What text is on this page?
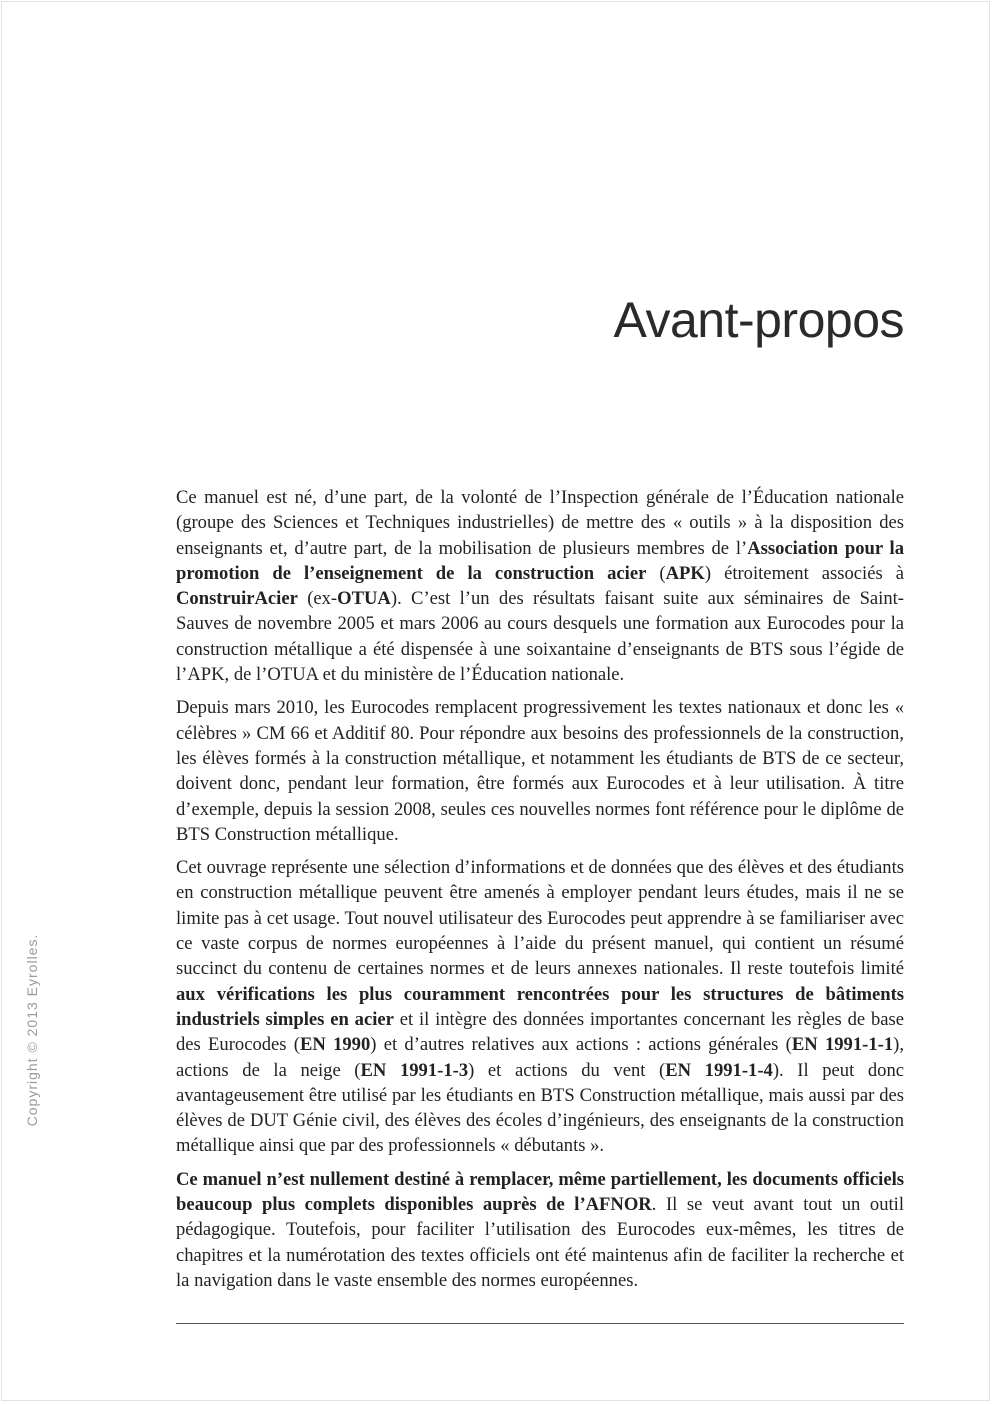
Avant-propos

Ce manuel est né, d’une part, de la volonté de l’Inspection générale de l’Éducation nationale (groupe des Sciences et Techniques industrielles) de mettre des « outils » à la disposition des enseignants et, d’autre part, de la mobilisation de plusieurs membres de l’Association pour la promotion de l’enseignement de la construction acier (APK) étroitement associés à ConstruirAcier (ex-OTUA). C’est l’un des résultats faisant suite aux séminaires de Saint-Sauves de novembre 2005 et mars 2006 au cours desquels une formation aux Eurocodes pour la construction métallique a été dispensée à une soixantaine d’enseignants de BTS sous l’égide de l’APK, de l’OTUA et du ministère de l’Éducation nationale.

Depuis mars 2010, les Eurocodes remplacent progressivement les textes nationaux et donc les « célèbres » CM 66 et Additif 80. Pour répondre aux besoins des professionnels de la construction, les élèves formés à la construction métallique, et notamment les étudiants de BTS de ce secteur, doivent donc, pendant leur formation, être formés aux Eurocodes et à leur utilisation. À titre d’exemple, depuis la session 2008, seules ces nouvelles normes font référence pour le diplôme de BTS Construction métallique.

Cet ouvrage représente une sélection d’informations et de données que des élèves et des étudiants en construction métallique peuvent être amenés à employer pendant leurs études, mais il ne se limite pas à cet usage. Tout nouvel utilisateur des Eurocodes peut apprendre à se familiariser avec ce vaste corpus de normes européennes à l’aide du présent manuel, qui contient un résumé succinct du contenu de certaines normes et de leurs annexes nationales. Il reste toutefois limité aux vérifications les plus couramment rencontrées pour les structures de bâtiments industriels simples en acier et il intègre des données importantes concernant les règles de base des Eurocodes (EN 1990) et d’autres relatives aux actions : actions générales (EN 1991-1-1), actions de la neige (EN 1991-1-3) et actions du vent (EN 1991-1-4). Il peut donc avantageusement être utilisé par les étudiants en BTS Construction métallique, mais aussi par des élèves de DUT Génie civil, des élèves des écoles d’ingénieurs, des enseignants de la construction métallique ainsi que par des professionnels « débutants ».

Ce manuel n’est nullement destiné à remplacer, même partiellement, les documents officiels beaucoup plus complets disponibles auprès de l’AFNOR. Il se veut avant tout un outil pédagogique. Toutefois, pour faciliter l’utilisation des Eurocodes eux-mêmes, les titres de chapitres et la numérotation des textes officiels ont été maintenus afin de faciliter la recherche et la navigation dans le vaste ensemble des normes européennes.

Copyright © 2013 Eyrolles.
